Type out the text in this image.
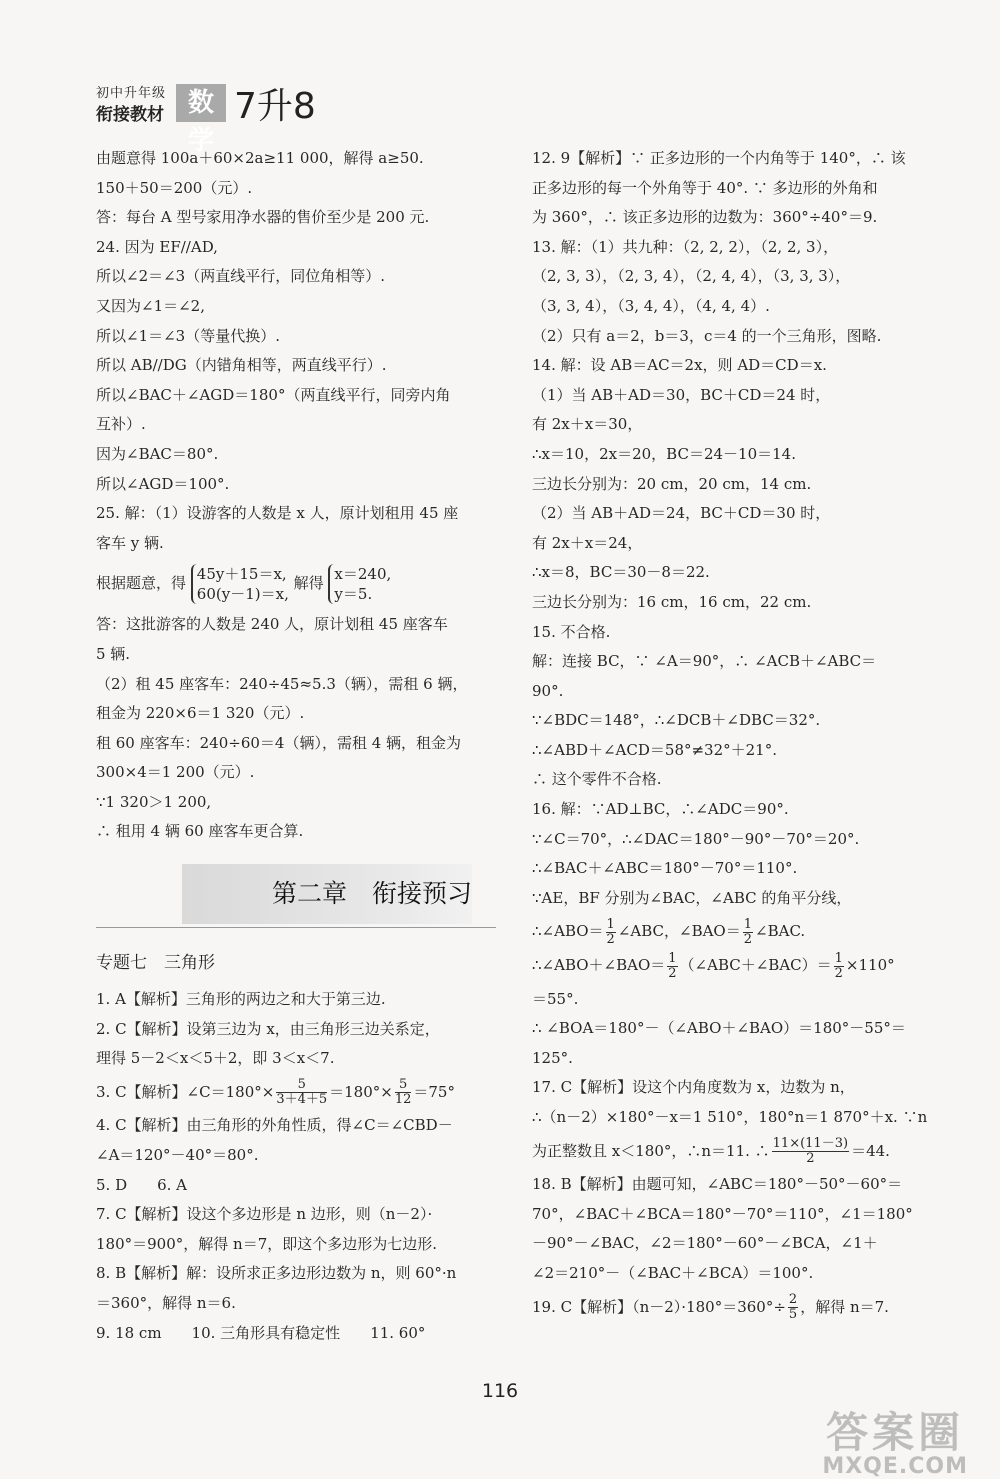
初中升年级
衔接教材 数学
7升8
由题意得 100a＋60×2a≥11 000，解得 a≥50.
150＋50＝200（元）.
答：每台 A 型号家用净水器的售价至少是 200 元.
24. 因为 EF//AD,
所以∠2＝∠3（两直线平行，同位角相等）.
又因为∠1＝∠2,
所以∠1＝∠3（等量代换）.
所以 AB//DG（内错角相等，两直线平行）.
所以∠BAC＋∠AGD＝180°（两直线平行，同旁内角
互补）.
因为∠BAC＝80°.
所以∠AGD＝100°.
25. 解：（1）设游客的人数是 x 人，原计划租用 45 座
客车 y 辆.
根据题意，得 45y＋15＝x,
60(y－1)＝x, 解得 x＝240,
y＝5.
答：这批游客的人数是 240 人，原计划租 45 座客车
5 辆.
（2）租 45 座客车：240÷45≈5.3（辆），需租 6 辆，
租金为 220×6＝1 320（元）.
租 60 座客车：240÷60＝4（辆），需租 4 辆，租金为
300×4＝1 200（元）.
∵1 320＞1 200,
∴ 租用 4 辆 60 座客车更合算.
第二章　衔接预习
专题七　三角形
1. A【解析】三角形的两边之和大于第三边.
2. C【解析】设第三边为 x，由三角形三边关系定，
理得 5－2＜x＜5＋2，即 3＜x＜7.
3. C【解析】∠C＝180°× $\frac{5}{3+4+5} =180^\circ\times \frac{5}{12} =75^\circ$
4. C【解析】由三角形的外角性质，得∠C＝∠CBD－
∠A＝120°－40°＝80°.
5. D　　6. A
7. C【解析】设这个多边形是 n 边形，则（n－2）·
180°＝900°，解得 n＝7，即这个多边形为七边形.
8. B【解析】解：设所求正多边形边数为 n，则 60°·n
＝360°，解得 n＝6.
9. 18 cm　　10. 三角形具有稳定性　　11. 60°
12. 9【解析】∵ 正多边形的一个内角等于 140°，∴ 该
正多边形的每一个外角等于 40°. ∵ 多边形的外角和
为 360°，∴ 该正多边形的边数为：360°÷40°＝9.
13. 解：（1）共九种：（2, 2, 2），（2, 2, 3），
（2, 3, 3），（2, 3, 4），（2, 4, 4），（3, 3, 3），
（3, 3, 4），（3, 4, 4），（4, 4, 4）.
（2）只有 a＝2，b＝3，c＝4 的一个三角形，图略.
14. 解：设 AB＝AC＝2x，则 AD＝CD＝x.
（1）当 AB＋AD＝30，BC＋CD＝24 时，
有 2x＋x＝30，
∴x＝10，2x＝20，BC＝24－10＝14.
三边长分别为：20 cm，20 cm，14 cm.
（2）当 AB＋AD＝24，BC＋CD＝30 时，
有 2x＋x＝24，
∴x＝8，BC＝30－8＝22.
三边长分别为：16 cm，16 cm，22 cm.
15. 不合格.
解：连接 BC，∵ ∠A＝90°，∴ ∠ACB＋∠ABC＝
90°.
∵∠BDC＝148°，∴∠DCB＋∠DBC＝32°.
∴∠ABD＋∠ACD＝58°≠32°＋21°.
∴ 这个零件不合格.
16. 解：∵AD⊥BC，∴∠ADC＝90°.
∵∠C＝70°，∴∠DAC＝180°－90°－70°＝20°.
∴∠BAC＋∠ABC＝180°－70°＝110°.
∵AE，BF 分别为∠BAC，∠ABC 的角平分线，
∴∠ABO＝ $\frac{1}{2}$ ∠ABC，∠BAO＝ $\frac{1}{2}$ ∠BAC.
∴∠ABO＋∠BAO＝ $\frac{1}{2}$ （∠ABC＋∠BAC）＝ $\frac{1}{2} \times 110^\circ$
＝55°.
∴ ∠BOA＝180°－（∠ABO＋∠BAO）＝180°－55°＝
125°.
17. C【解析】设这个内角度数为 x，边数为 n，
∴（n－2）×180°－x＝1 510°，180°n＝1 870°＋x. ∵n
为正整数且 x＜180°，∴n＝11. ∴ $\frac{11\times(11-3)}{2} =44$.
18. B【解析】由题可知，∠ABC＝180°－50°－60°＝
70°，∠BAC＋∠BCA＝180°－70°＝110°，∠1＝180°
－90°－∠BAC，∠2＝180°－60°－∠BCA，∠1＋
∠2＝210°－（∠BAC＋∠BCA）＝100°.
19. C【解析】$(n-2)\cdot 180^\circ=360^\circ\div \frac{2}{5}$ ，解得 n＝7.
116
答案圈
MXQE.COM
